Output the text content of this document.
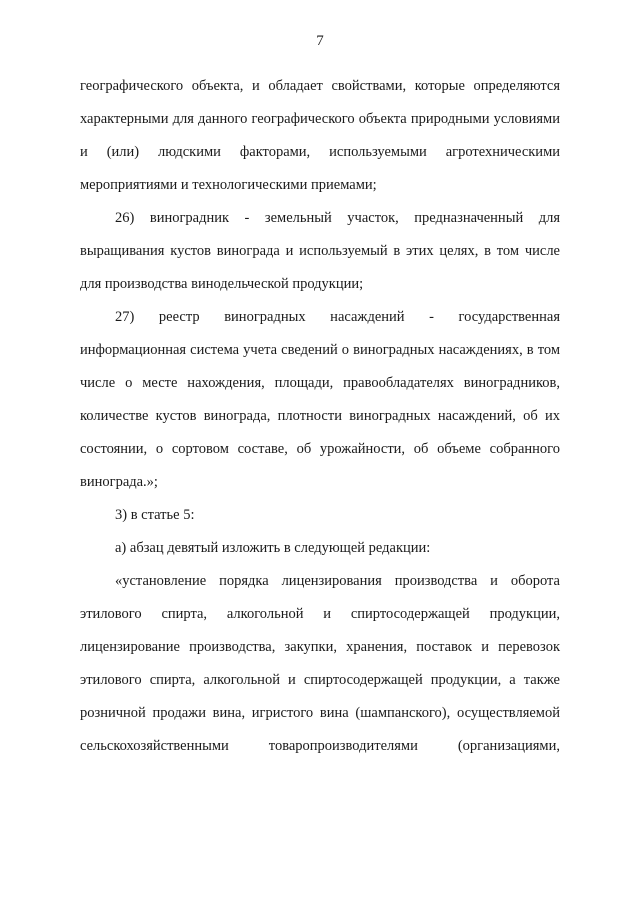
7

географического объекта, и обладает свойствами, которые определяются характерными для данного географического объекта природными условиями и (или) людскими факторами, используемыми агротехническими мероприятиями и технологическими приемами;

26) виноградник - земельный участок, предназначенный для выращивания кустов винограда и используемый в этих целях, в том числе для производства винодельческой продукции;

27) реестр виноградных насаждений - государственная информационная система учета сведений о виноградных насаждениях, в том числе о месте нахождения, площади, правообладателях виноградников, количестве кустов винограда, плотности виноградных насаждений, об их состоянии, о сортовом составе, об урожайности, об объеме собранного винограда.»;

3) в статье 5:

а) абзац девятый изложить в следующей редакции:

«установление порядка лицензирования производства и оборота этилового спирта, алкогольной и спиртосодержащей продукции, лицензирование производства, закупки, хранения, поставок и перевозок этилового спирта, алкогольной и спиртосодержащей продукции, а также розничной продажи вина, игристого вина (шампанского), осуществляемой сельскохозяйственными товаропроизводителями (организациями,
